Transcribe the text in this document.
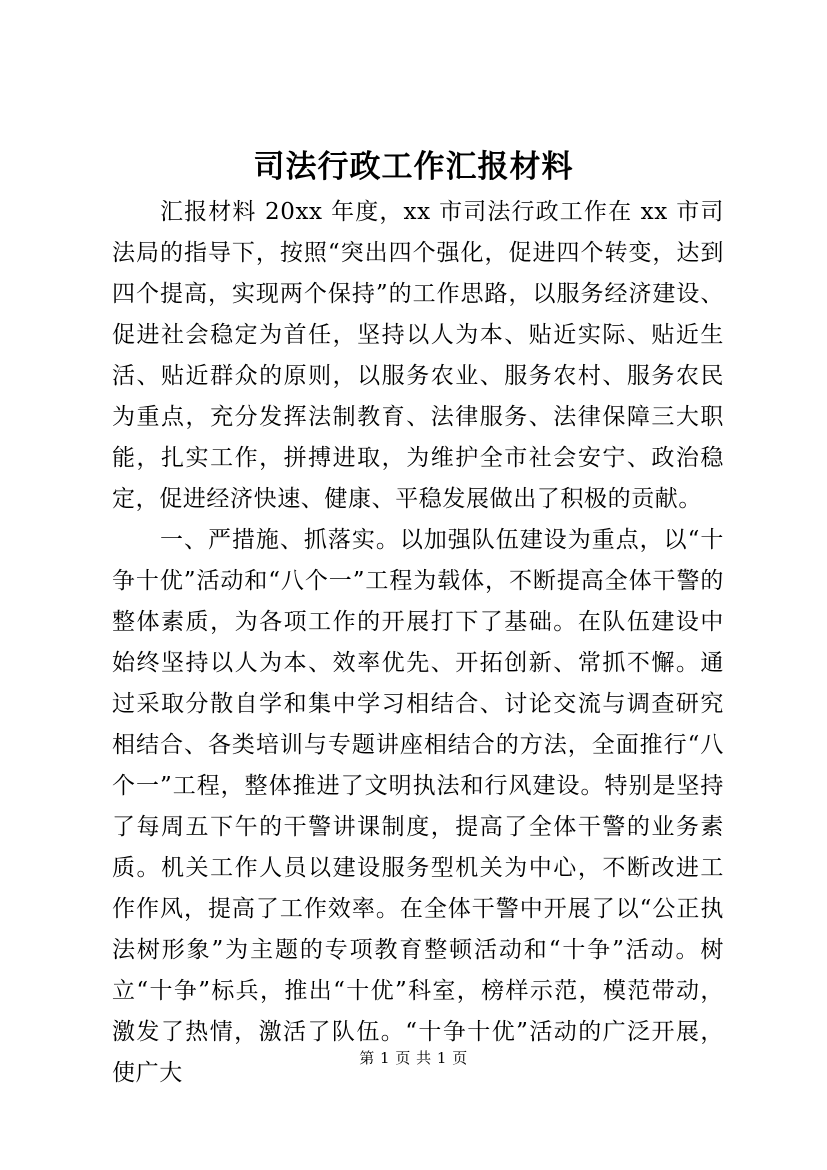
司法行政工作汇报材料

汇报材料 20xx 年度，xx 市司法行政工作在 xx 市司法局的指导下，按照“突出四个强化，促进四个转变，达到四个提高，实现两个保持”的工作思路，以服务经济建设、促进社会稳定为首任，坚持以人为本、贴近实际、贴近生活、贴近群众的原则，以服务农业、服务农村、服务农民为重点，充分发挥法制教育、法律服务、法律保障三大职能，扎实工作，拼搏进取，为维护全市社会安宁、政治稳定，促进经济快速、健康、平稳发展做出了积极的贡献。

一、严措施、抓落实。以加强队伍建设为重点，以“十争十优”活动和“八个一”工程为载体，不断提高全体干警的整体素质，为各项工作的开展打下了基础。在队伍建设中始终坚持以人为本、效率优先、开拓创新、常抓不懈。通过采取分散自学和集中学习相结合、讨论交流与调查研究相结合、各类培训与专题讲座相结合的方法，全面推行“八个一”工程，整体推进了文明执法和行风建设。特别是坚持了每周五下午的干警讲课制度，提高了全体干警的业务素质。机关工作人员以建设服务型机关为中心，不断改进工作作风，提高了工作效率。在全体干警中开展了以“公正执法树形象”为主题的专项教育整顿活动和“十争”活动。树立“十争”标兵，推出“十优”科室，榜样示范，模范带动，激发了热情，激活了队伍。“十争十优”活动的广泛开展，使广大

第 1 页 共 1 页
